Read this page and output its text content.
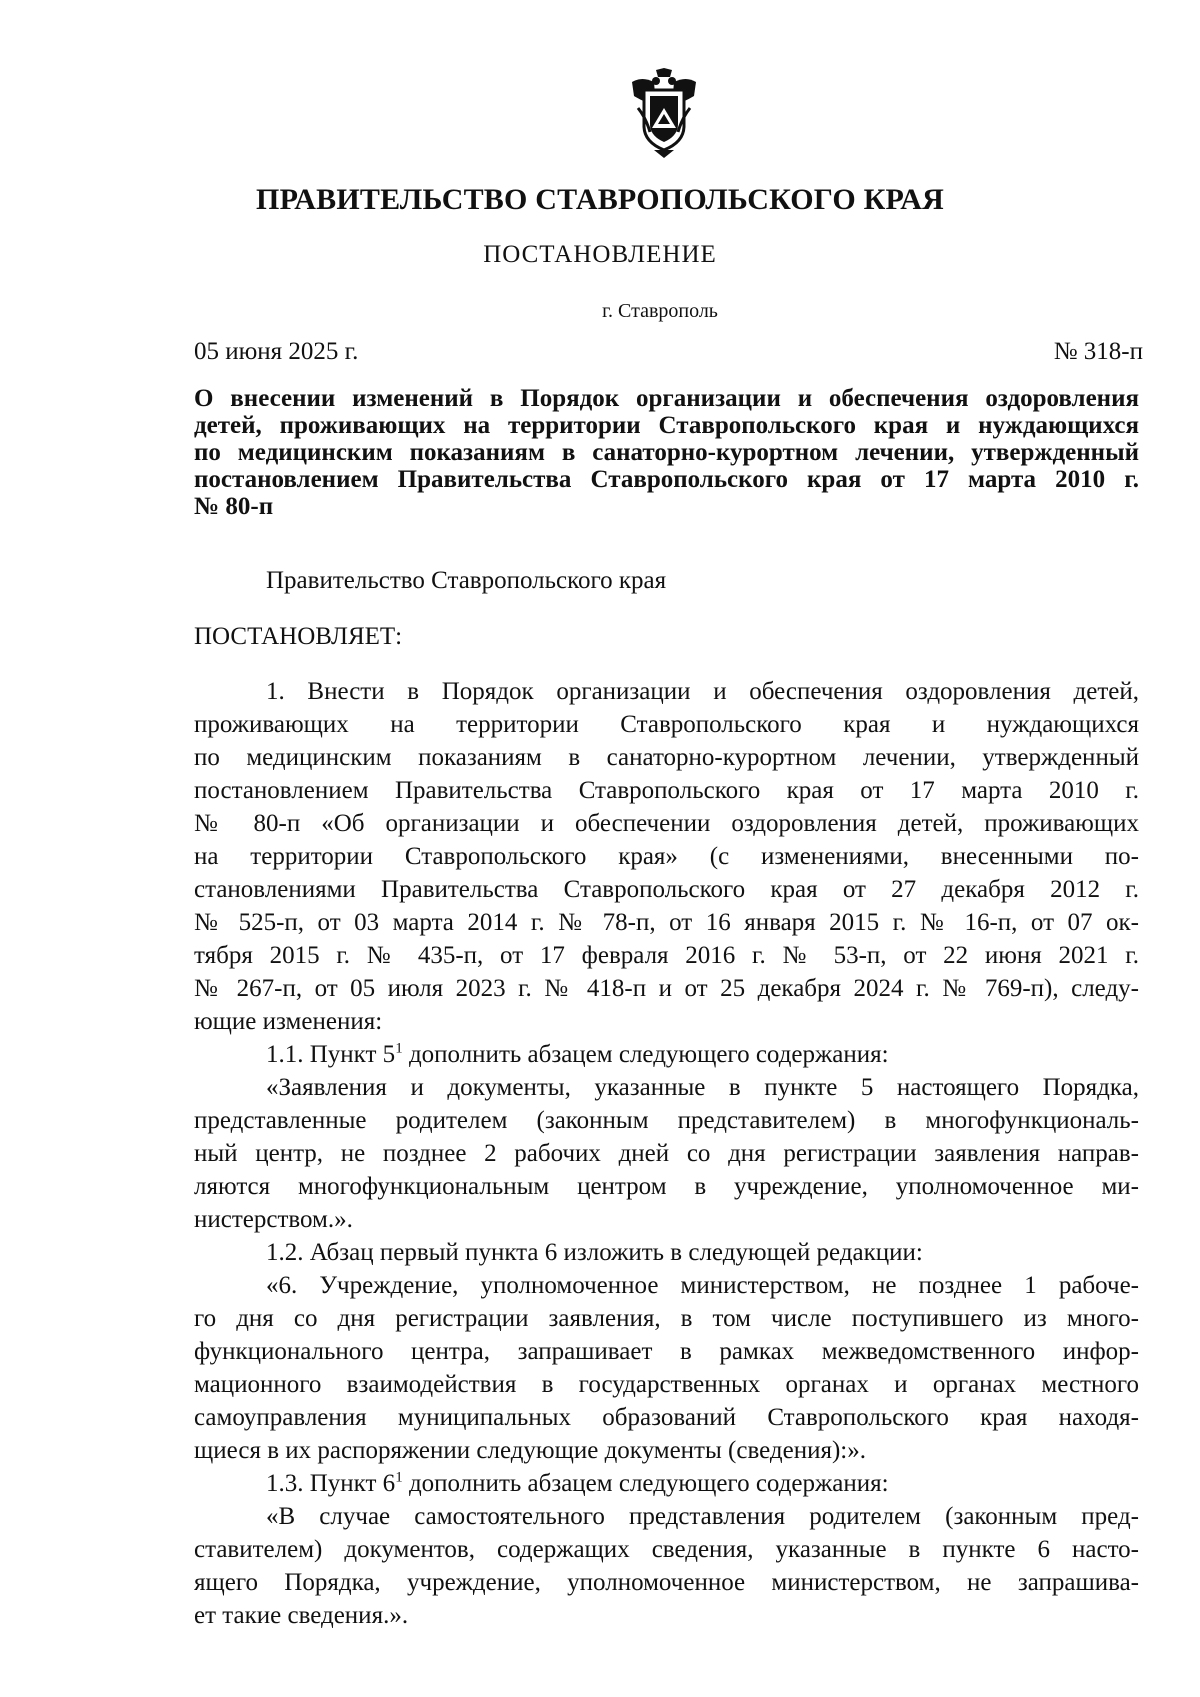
ПРАВИТЕЛЬСТВО СТАВРОПОЛЬСКОГО КРАЯ
ПОСТАНОВЛЕНИЕ
г. Ставрополь
05 июня 2025 г.	№ 318-п
О внесении изменений в Порядок организации и обеспечения оздоровления
детей, проживающих на территории Ставропольского края и нуждающихся
по медицинским показаниям в санаторно-курортном лечении, утвержденный
постановлением Правительства Ставропольского края от 17 марта 2010 г.
№ 80-п
Правительство Ставропольского края
ПОСТАНОВЛЯЕТ:
1. Внести в Порядок организации и обеспечения оздоровления детей,
проживающих на территории Ставропольского края и нуждающихся
по медицинским показаниям в санаторно-курортном лечении, утвержденный
постановлением Правительства Ставропольского края от 17 марта 2010 г.
№ 80-п «Об организации и обеспечении оздоровления детей, проживающих
на территории Ставропольского края» (с изменениями, внесенными по-
становлениями Правительства Ставропольского края от 27 декабря 2012 г.
№ 525-п, от 03 марта 2014 г. № 78-п, от 16 января 2015 г. № 16-п, от 07 ок-
тября 2015 г. № 435-п, от 17 февраля 2016 г. № 53-п, от 22 июня 2021 г.
№ 267-п, от 05 июля 2023 г. № 418-п и от 25 декабря 2024 г. № 769-п), следу-
ющие изменения:
1.1. Пункт $5^1$ дополнить абзацем следующего содержания:
«Заявления и документы, указанные в пункте 5 настоящего Порядка,
представленные родителем (законным представителем) в многофункциональ-
ный центр, не позднее 2 рабочих дней со дня регистрации заявления направ-
ляются многофункциональным центром в учреждение, уполномоченное ми-
нистерством.».
1.2. Абзац первый пункта 6 изложить в следующей редакции:
«6. Учреждение, уполномоченное министерством, не позднее 1 рабоче-
го дня со дня регистрации заявления, в том числе поступившего из много-
функционального центра, запрашивает в рамках межведомственного инфор-
мационного взаимодействия в государственных органах и органах местного
самоуправления муниципальных образований Ставропольского края находя-
щиеся в их распоряжении следующие документы (сведения):».
1.3. Пункт $6^1$ дополнить абзацем следующего содержания:
«В случае самостоятельного представления родителем (законным пред-
ставителем) документов, содержащих сведения, указанные в пункте 6 насто-
ящего Порядка, учреждение, уполномоченное министерством, не запрашива-
ет такие сведения.».
